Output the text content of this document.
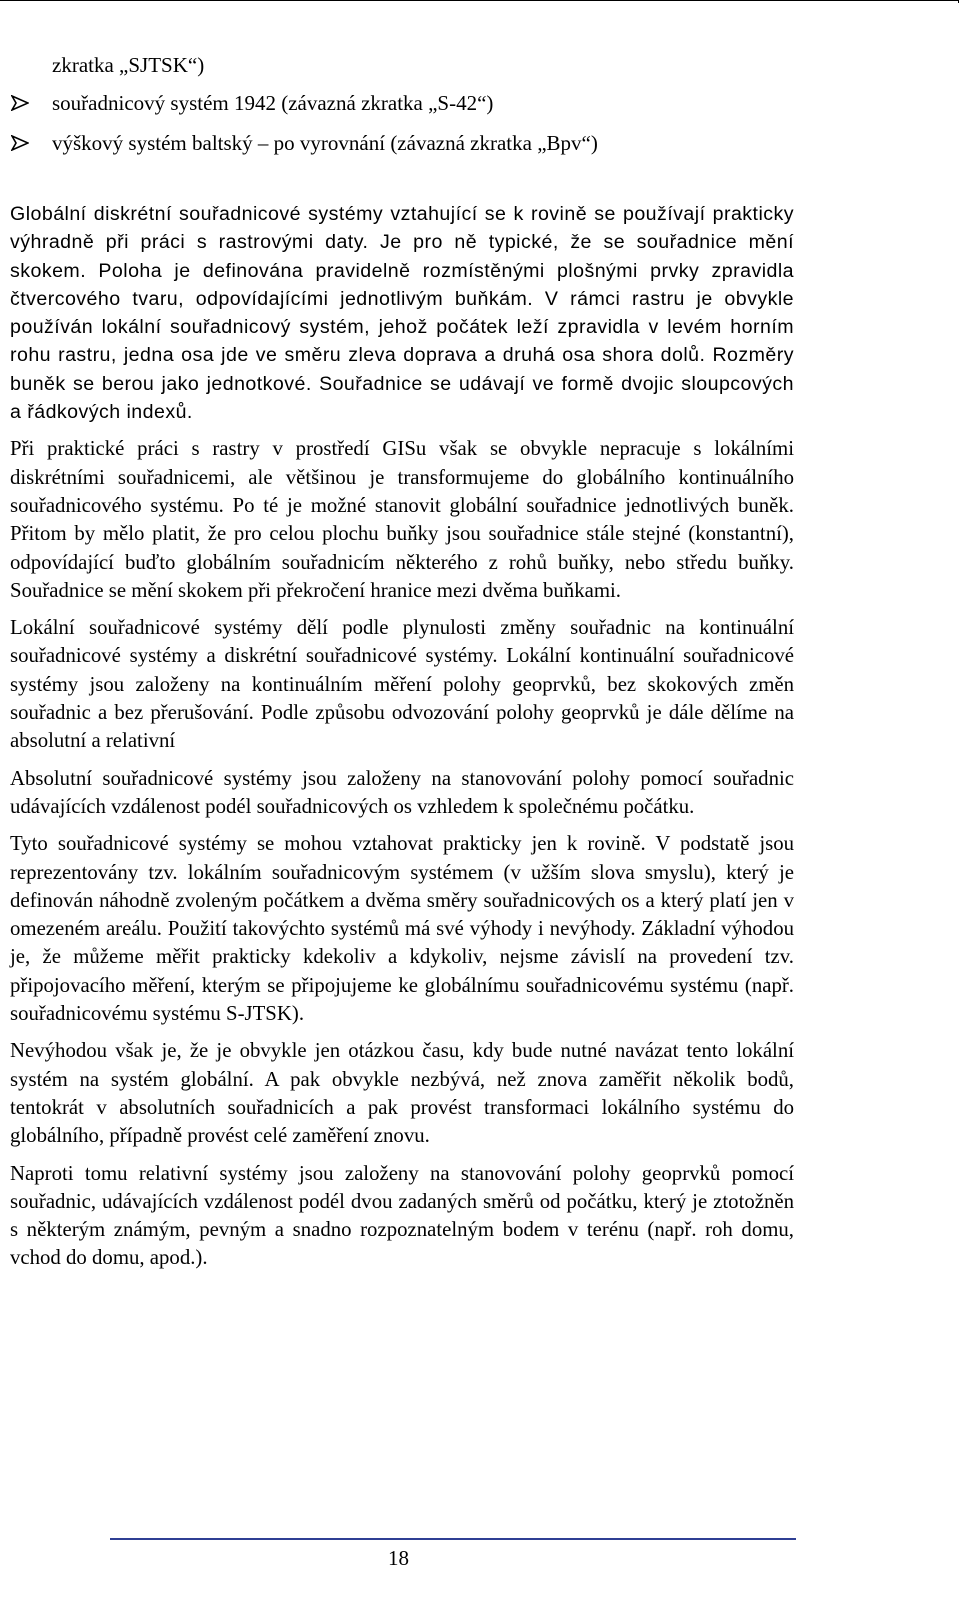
zkratka „SJTSK“)

souřadnicový systém 1942 (závazná zkratka „S-42“)
výškový systém baltský – po vyrovnání (závazná zkratka „Bpv“)

Globální diskrétní souřadnicové systémy vztahující se k rovině se používají prakticky výhradně při práci s rastrovými daty. Je pro ně typické, že se souřadnice mění skokem. Poloha je definována pravidelně rozmístěnými plošnými prvky zpravidla čtvercového tvaru, odpovídajícími jednotlivým buňkám. V rámci rastru je obvykle používán lokální souřadnicový systém, jehož počátek leží zpravidla v levém horním rohu rastru, jedna osa jde ve směru zleva doprava a druhá osa shora dolů. Rozměry buněk se berou jako jednotkové. Souřadnice se udávají ve formě dvojic sloupcových a řádkových indexů.

Při praktické práci s rastry v prostředí GISu však se obvykle nepracuje s lokálními diskrétními souřadnicemi, ale většinou je transformujeme do globálního kontinuálního souřadnicového systému. Po té je možné stanovit globální souřadnice jednotlivých buněk. Přitom by mělo platit, že pro celou plochu buňky jsou souřadnice stále stejné (konstantní), odpovídající buďto globálním souřadnicím některého z rohů buňky, nebo středu buňky. Souřadnice se mění skokem při překročení hranice mezi dvěma buňkami.

Lokální souřadnicové systémy dělí podle plynulosti změny souřadnic na kontinuální souřadnicové systémy a diskrétní souřadnicové systémy. Lokální kontinuální souřadnicové systémy jsou založeny na kontinuálním měření polohy geoprvků, bez skokových změn souřadnic a bez přerušování. Podle způsobu odvozování polohy geoprvků je dále dělíme na absolutní a relativní

Absolutní souřadnicové systémy jsou založeny na stanovování polohy pomocí souřadnic udávajících vzdálenost podél souřadnicových os vzhledem k společnému počátku.

Tyto souřadnicové systémy se mohou vztahovat prakticky jen k rovině. V podstatě jsou reprezentovány tzv. lokálním souřadnicovým systémem (v užším slova smyslu), který je definován náhodně zvoleným počátkem a dvěma směry souřadnicových os a který platí jen v omezeném areálu. Použití takovýchto systémů má své výhody i nevýhody. Základní výhodou je, že můžeme měřit prakticky kdekoliv a kdykoliv, nejsme závislí na provedení tzv. připojovacího měření, kterým se připojujeme ke globálnímu souřadnicovému systému (např. souřadnicovému systému S-JTSK).

Nevýhodou však je, že je obvykle jen otázkou času, kdy bude nutné navázat tento lokální systém na systém globální. A pak obvykle nezbývá, než znova zaměřit několik bodů, tentokrát v absolutních souřadnicích a pak provést transformaci lokálního systému do globálního, případně provést celé zaměření znovu.

Naproti tomu relativní systémy jsou založeny na stanovování polohy geoprvků pomocí souřadnic, udávajících vzdálenost podél dvou zadaných směrů od počátku, který je ztotožněn s některým známým, pevným a snadno rozpoznatelným bodem v terénu (např. roh domu, vchod do domu, apod.).

18
